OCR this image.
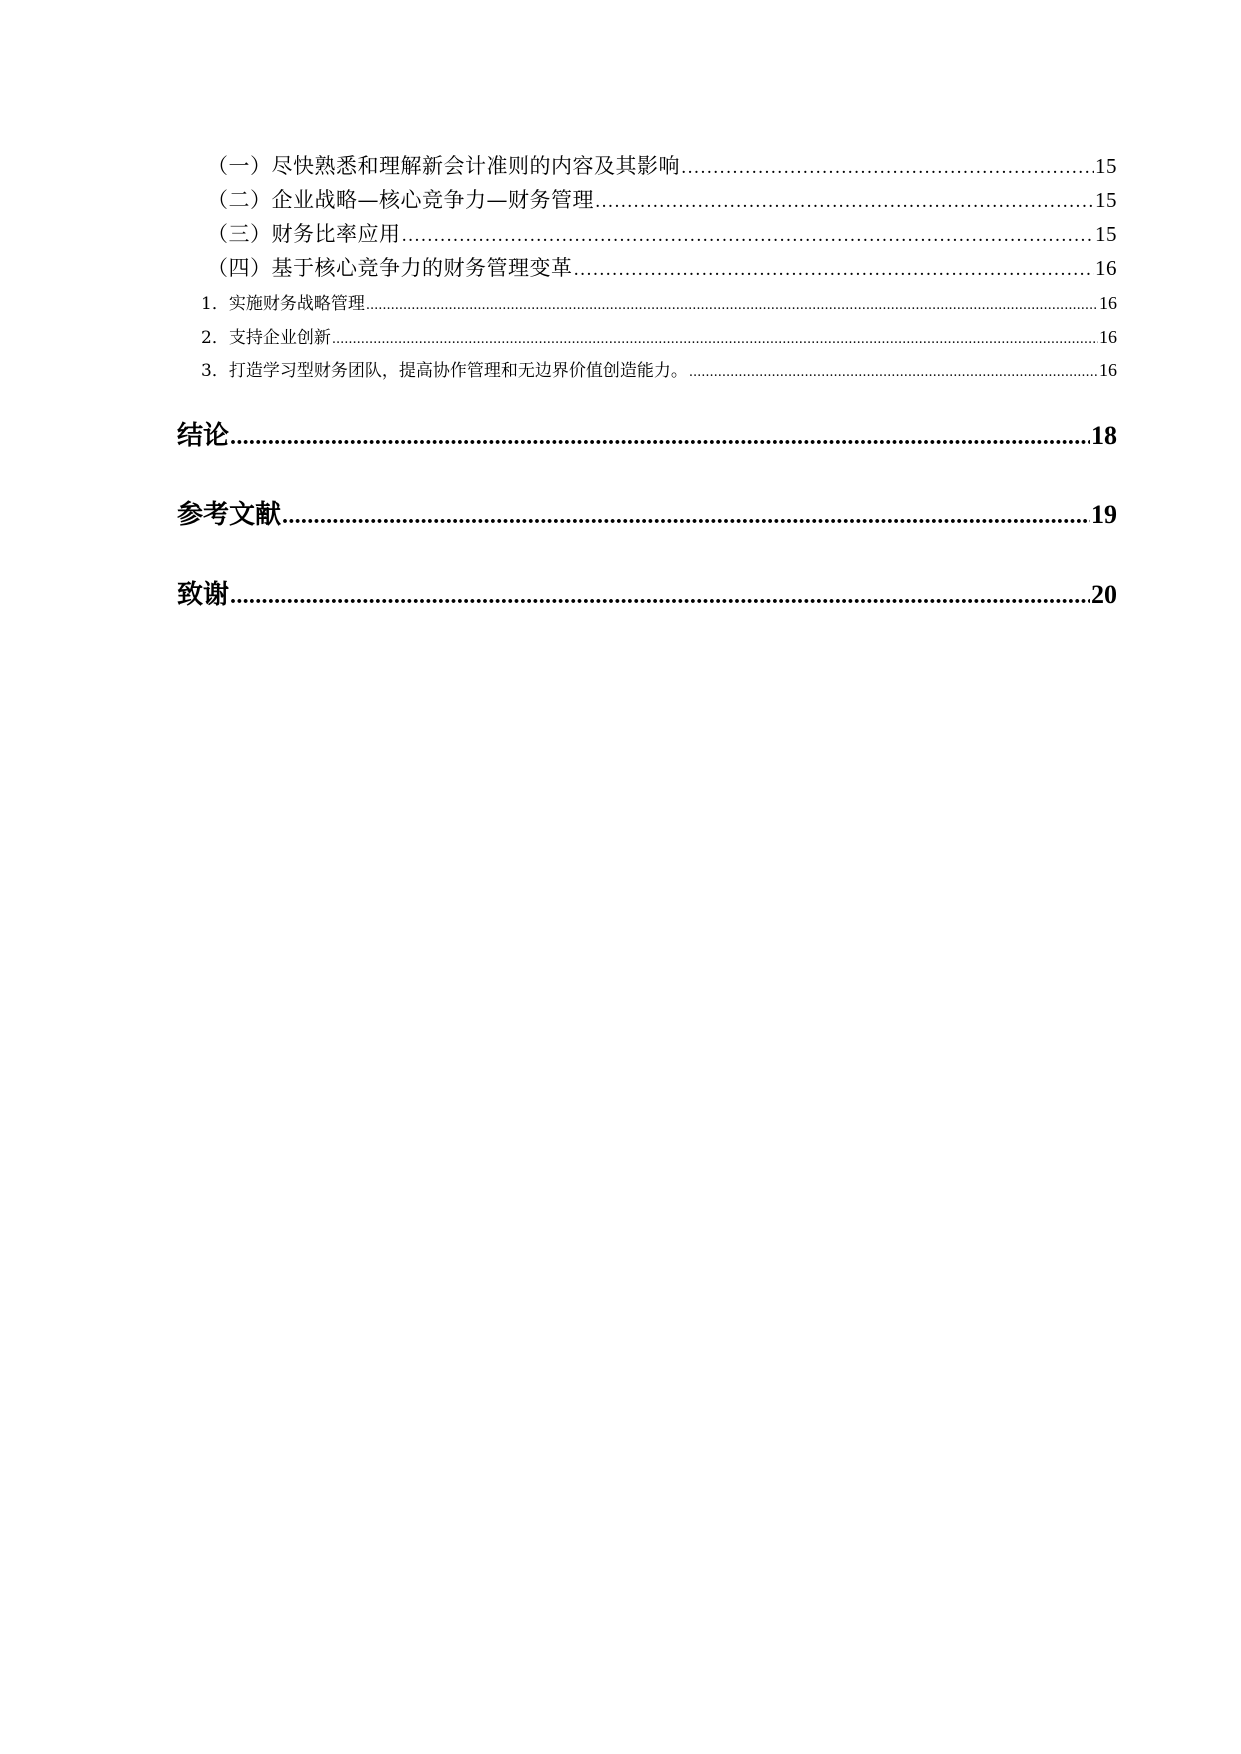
（一）尽快熟悉和理解新会计准则的内容及其影响 .....	15
（二）企业战略—核心竞争力—财务管理 .....	15
（三）财务比率应用 .....	15
（四）基于核心竞争力的财务管理变革 .....	16
1．实施财务战略管理 .....	16
2．支持企业创新 .....	16
3．打造学习型财务团队，提高协作管理和无边界价值创造能力。 .....	16
结论 .....	18
参考文献 .....	19
致谢 .....	20
